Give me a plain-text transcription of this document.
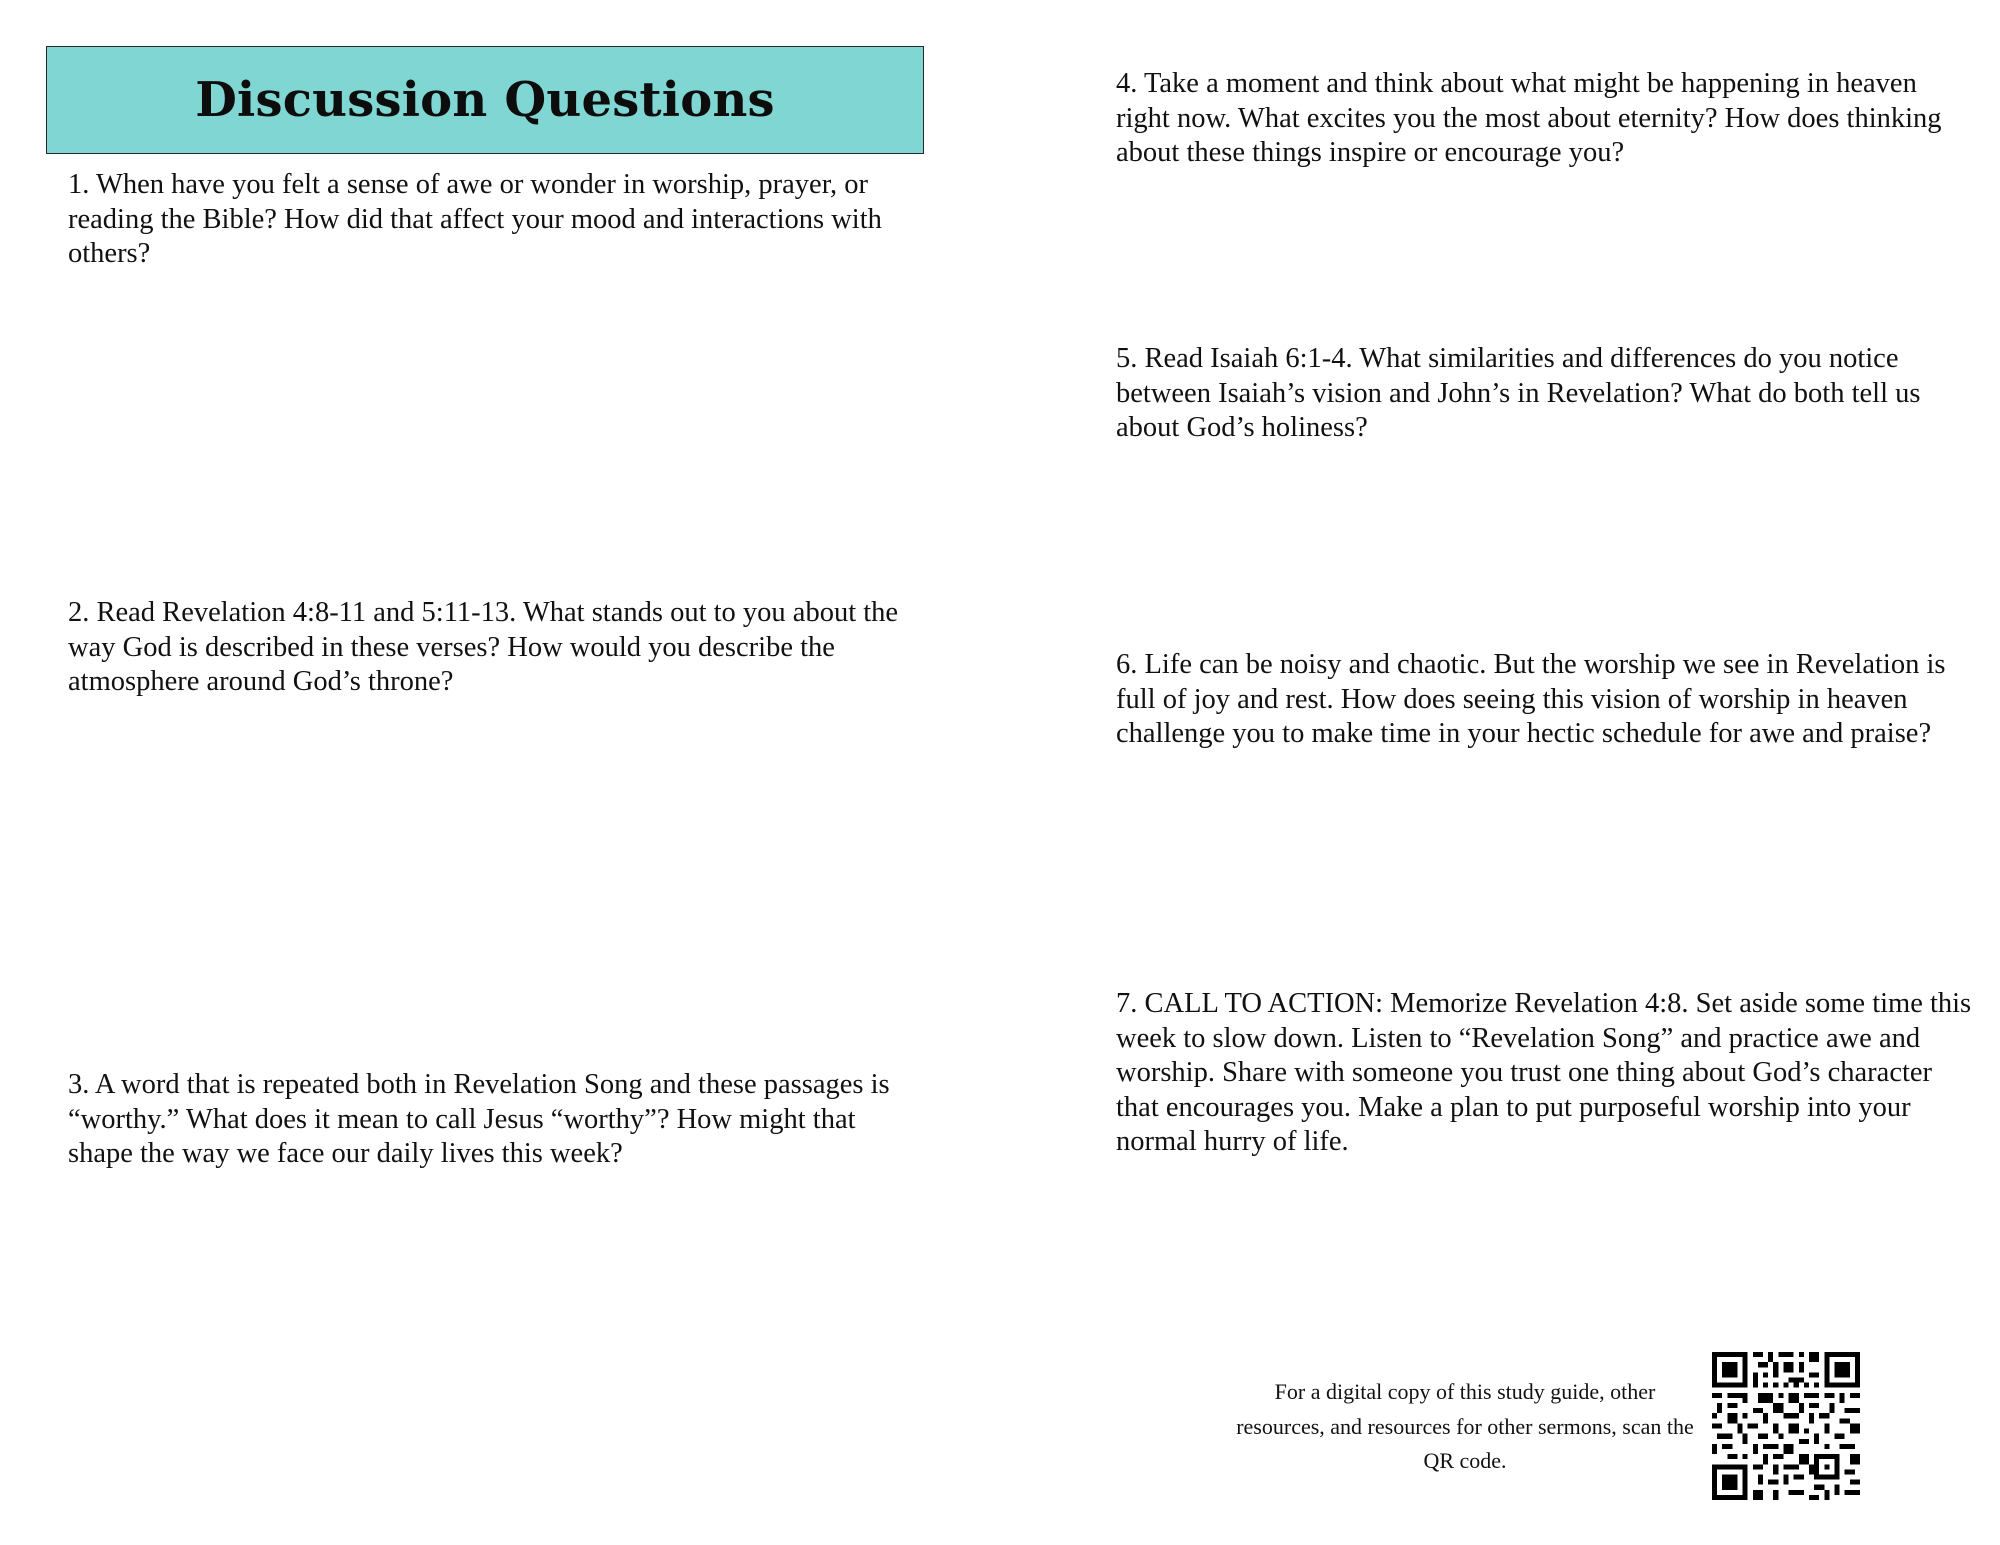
Discussion Questions

1. When have you felt a sense of awe or wonder in worship, prayer, or reading the Bible? How did that affect your mood and interactions with others?

2. Read Revelation 4:8-11 and 5:11-13. What stands out to you about the way God is described in these verses? How would you describe the atmosphere around God’s throne?

3. A word that is repeated both in Revelation Song and these passages is “worthy.” What does it mean to call Jesus “worthy”? How might that shape the way we face our daily lives this week?

4. Take a moment and think about what might be happening in heaven right now. What excites you the most about eternity? How does thinking about these things inspire or encourage you?

5. Read Isaiah 6:1-4. What similarities and differences do you notice between Isaiah’s vision and John’s in Revelation? What do both tell us about God’s holiness?

6. Life can be noisy and chaotic. But the worship we see in Revelation is full of joy and rest. How does seeing this vision of worship in heaven challenge you to make time in your hectic schedule for awe and praise?

7. CALL TO ACTION: Memorize Revelation 4:8. Set aside some time this week to slow down. Listen to “Revelation Song” and practice awe and worship. Share with someone you trust one thing about God’s character that encourages you. Make a plan to put purposeful worship into your normal hurry of life.

For a digital copy of this study guide, other resources, and resources for other sermons, scan the QR code.
